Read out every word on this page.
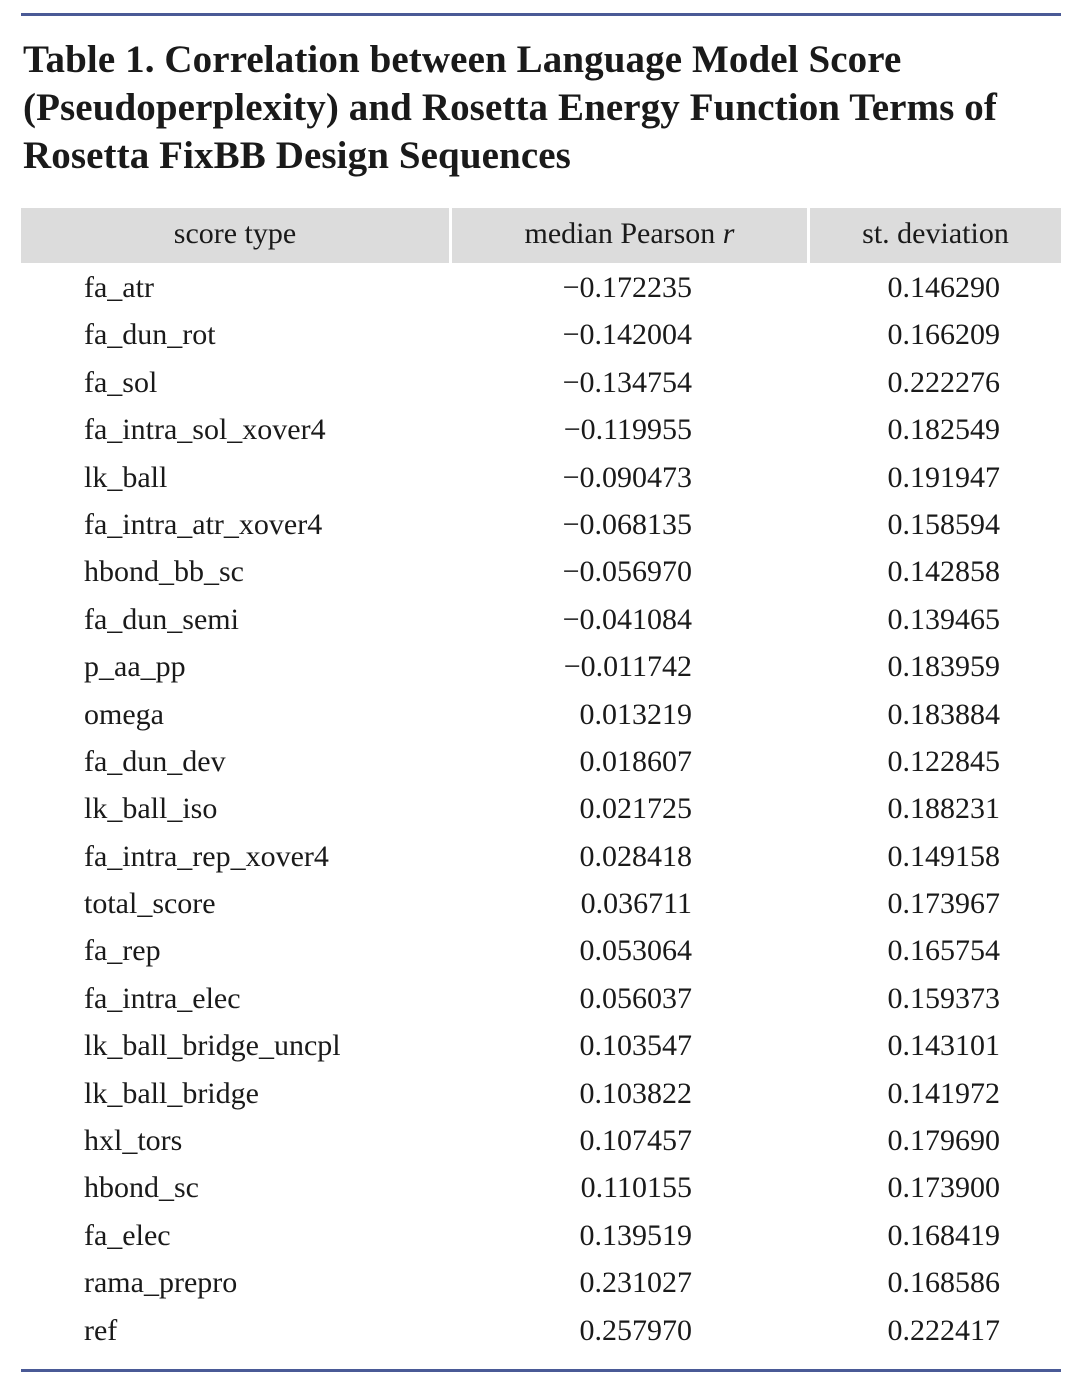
Table 1. Correlation between Language Model Score (Pseudoperplexity) and Rosetta Energy Function Terms of Rosetta FixBB Design Sequences
score type	median Pearson r	st. deviation
fa_atr	−0.172235	0.146290
fa_dun_rot	−0.142004	0.166209
fa_sol	−0.134754	0.222276
fa_intra_sol_xover4	−0.119955	0.182549
lk_ball	−0.090473	0.191947
fa_intra_atr_xover4	−0.068135	0.158594
hbond_bb_sc	−0.056970	0.142858
fa_dun_semi	−0.041084	0.139465
p_aa_pp	−0.011742	0.183959
omega	0.013219	0.183884
fa_dun_dev	0.018607	0.122845
lk_ball_iso	0.021725	0.188231
fa_intra_rep_xover4	0.028418	0.149158
total_score	0.036711	0.173967
fa_rep	0.053064	0.165754
fa_intra_elec	0.056037	0.159373
lk_ball_bridge_uncpl	0.103547	0.143101
lk_ball_bridge	0.103822	0.141972
hxl_tors	0.107457	0.179690
hbond_sc	0.110155	0.173900
fa_elec	0.139519	0.168419
rama_prepro	0.231027	0.168586
ref	0.257970	0.222417
